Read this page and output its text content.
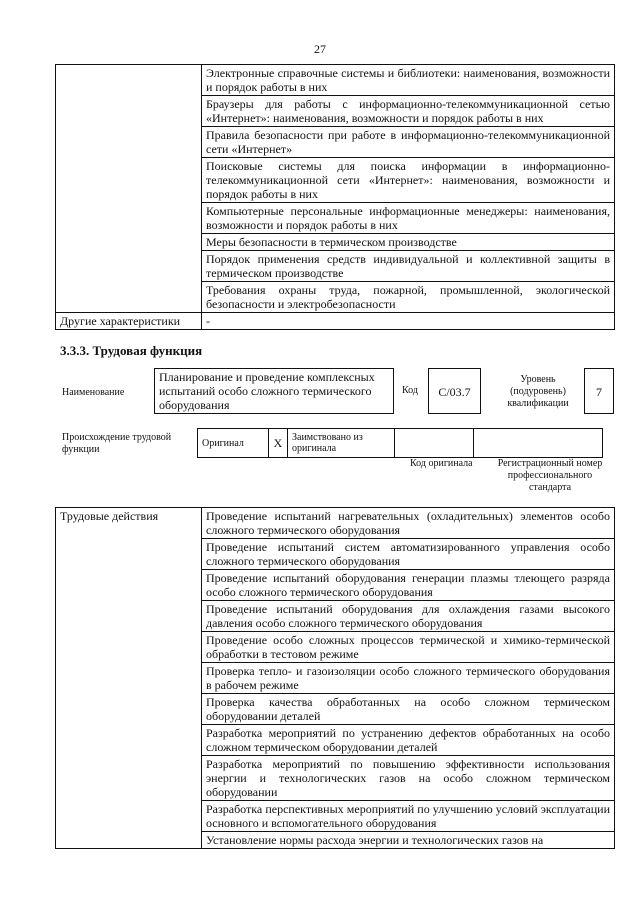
27
	Электронные справочные системы и библиотеки: наименования, возможности и порядок работы в них
	Браузеры для работы с информационно-телекоммуникационной сетью «Интернет»: наименования, возможности и порядок работы в них
	Правила безопасности при работе в информационно-телекоммуникационной сети «Интернет»
	Поисковые системы для поиска информации в информационно-телекоммуникационной сети «Интернет»: наименования, возможности и порядок работы в них
	Компьютерные персональные информационные менеджеры: наименования, возможности и порядок работы в них
	Меры безопасности в термическом производстве
	Порядок применения средств индивидуальной и коллективной защиты в термическом производстве
	Требования охраны труда, пожарной, промышленной, экологической безопасности и электробезопасности
Другие характеристики	-
3.3.3. Трудовая функция
Наименование
Планирование и проведение комплексных испытаний особо сложного термического оборудования
Код	С/03.7
Уровень (подуровень) квалификации
7
Происхождение трудовой функции
Оригинал	X	Заимствовано из оригинала		
Код оригинала	Регистрационный номер профессионального стандарта
Трудовые действия	Проведение испытаний нагревательных (охладительных) элементов особо сложного термического оборудования
Проведение испытаний систем автоматизированного управления особо сложного термического оборудования
Проведение испытаний оборудования генерации плазмы тлеющего разряда особо сложного термического оборудования
Проведение испытаний оборудования для охлаждения газами высокого давления особо сложного термического оборудования
Проведение особо сложных процессов термической и химико-термической обработки в тестовом режиме
Проверка тепло- и газоизоляции особо сложного термического оборудования в рабочем режиме
Проверка качества обработанных на особо сложном термическом оборудовании деталей
Разработка мероприятий по устранению дефектов обработанных на особо сложном термическом оборудовании деталей
Разработка мероприятий по повышению эффективности использования энергии и технологических газов на особо сложном термическом оборудовании
Разработка перспективных мероприятий по улучшению условий эксплуатации основного и вспомогательного оборудования
Установление нормы расхода энергии и технологических газов на
